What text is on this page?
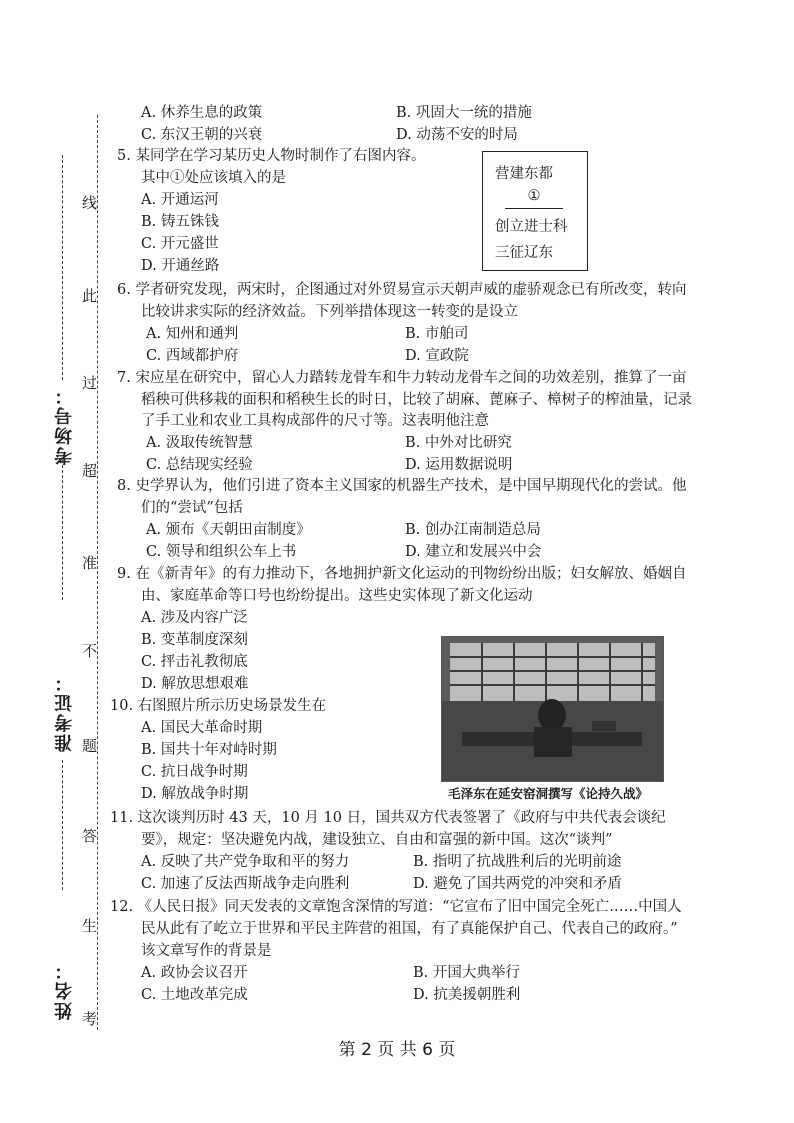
考场号：
准考证：
姓名：
线
此
过
超
准
不
题
答
生
考
A. 休养生息的政策	B. 巩固大一统的措施
C. 东汉王朝的兴衰	D. 动荡不安的时局
5. 某同学在学习某历史人物时制作了右图内容。
其中①处应该填入的是
A. 开通运河
B. 铸五铢钱
C. 开元盛世
D. 开通丝路
营建东都
①
创立进士科
三征辽东
6. 学者研究发现，两宋时，企图通过对外贸易宣示天朝声威的虚骄观念已有所改变，转向
比较讲求实际的经济效益。下列举措体现这一转变的是设立
A. 知州和通判	B. 市舶司
C. 西域都护府	D. 宣政院
7. 宋应星在研究中，留心人力踏转龙骨车和牛力转动龙骨车之间的功效差别，推算了一亩
稻秧可供移栽的面积和稻秧生长的时日，比较了胡麻、蓖麻子、樟树子的榨油量，记录
了手工业和农业工具构成部件的尺寸等。这表明他注意
A. 汲取传统智慧	B. 中外对比研究
C. 总结现实经验	D. 运用数据说明
8. 史学界认为，他们引进了资本主义国家的机器生产技术，是中国早期现代化的尝试。他
们的“尝试”包括
A. 颁布《天朝田亩制度》	B. 创办江南制造总局
C. 领导和组织公车上书	D. 建立和发展兴中会
9. 在《新青年》的有力推动下，各地拥护新文化运动的刊物纷纷出版；妇女解放、婚姻自
由、家庭革命等口号也纷纷提出。这些史实体现了新文化运动
A. 涉及内容广泛
B. 变革制度深刻
C. 抨击礼教彻底
D. 解放思想艰难
毛泽东在延安窑洞撰写《论持久战》
10. 右图照片所示历史场景发生在
A. 国民大革命时期
B. 国共十年对峙时期
C. 抗日战争时期
D. 解放战争时期
11. 这次谈判历时 43 天，10 月 10 日，国共双方代表签署了《政府与中共代表会谈纪
要》，规定：坚决避免内战，建设独立、自由和富强的新中国。这次“谈判”
A. 反映了共产党争取和平的努力	B. 指明了抗战胜利后的光明前途
C. 加速了反法西斯战争走向胜利	D. 避免了国共两党的冲突和矛盾
12. 《人民日报》同天发表的文章饱含深情的写道：“它宣布了旧中国完全死亡……中国人
民从此有了屹立于世界和平民主阵营的祖国，有了真能保护自己、代表自己的政府。”
该文章写作的背景是
A. 政协会议召开	B. 开国大典举行
C. 土地改革完成	D. 抗美援朝胜利
第 2 页 共 6 页
